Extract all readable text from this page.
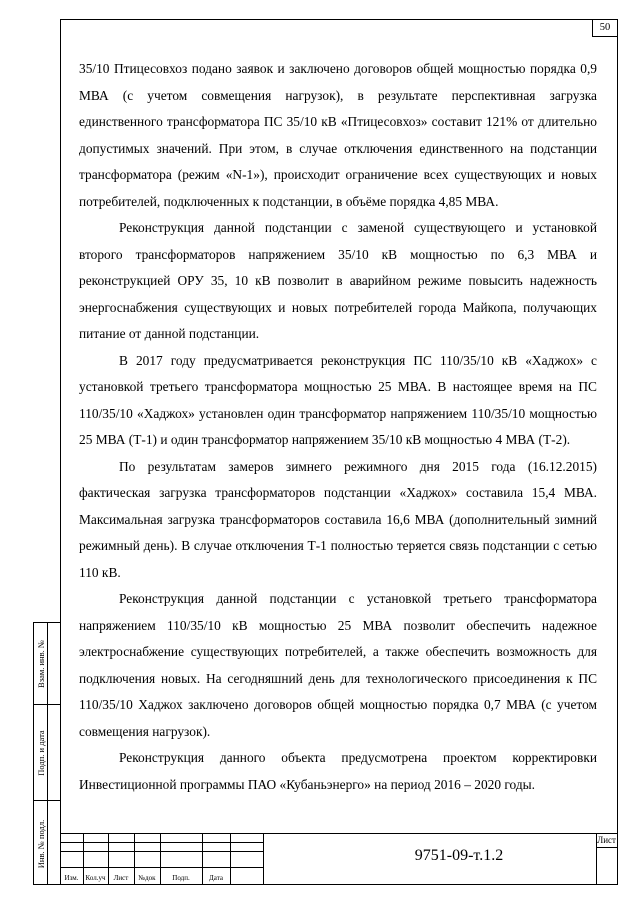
50

35/10 Птицесовхоз подано заявок и заключено договоров общей мощностью порядка 0,9 МВА (с учетом совмещения нагрузок), в результате перспективная загрузка единственного трансформатора ПС 35/10 кВ «Птицесовхоз» составит 121% от длительно допустимых значений. При этом, в случае отключения единственного на подстанции трансформатора (режим «N-1»), происходит ограничение всех существующих и новых потребителей, подключенных к подстанции, в объёме порядка 4,85 МВА.

Реконструкция данной подстанции с заменой существующего и установкой второго трансформаторов напряжением 35/10 кВ мощностью по 6,3 МВА и реконструкцией ОРУ 35, 10 кВ позволит в аварийном режиме повысить надежность энергоснабжения существующих и новых потребителей города Майкопа, получающих питание от данной подстанции.

В 2017 году предусматривается реконструкция ПС 110/35/10 кВ «Хаджох» с установкой третьего трансформатора мощностью 25 МВА. В настоящее время на ПС 110/35/10 «Хаджох» установлен один трансформатор напряжением 110/35/10 мощностью 25 МВА (Т-1) и один трансформатор напряжением 35/10 кВ мощностью 4 МВА (Т-2).

По результатам замеров зимнего режимного дня 2015 года (16.12.2015) фактическая загрузка трансформаторов подстанции «Хаджох» составила 15,4 МВА. Максимальная загрузка трансформаторов составила 16,6 МВА (дополнительный зимний режимный день). В случае отключения Т-1 полностью теряется связь подстанции с сетью 110 кВ.

Реконструкция данной подстанции с установкой третьего трансформатора напряжением 110/35/10 кВ мощностью 25 МВА позволит обеспечить надежное электроснабжение существующих потребителей, а также обеспечить возможность для подключения новых. На сегодняшний день для технологического присоединения к ПС 110/35/10 Хаджох заключено договоров общей мощностью порядка 0,7 МВА (с учетом совмещения нагрузок).

Реконструкция данного объекта предусмотрена проектом корректировки Инвестиционной программы ПАО «Кубаньэнерго» на период 2016 – 2020 годы.

Взам. инв. №
Подп. и дата
Инв. № подл.
Изм.	Кол.уч	Лист	№док	Подп.	Дата
9751-09-т.1.2
Лист
